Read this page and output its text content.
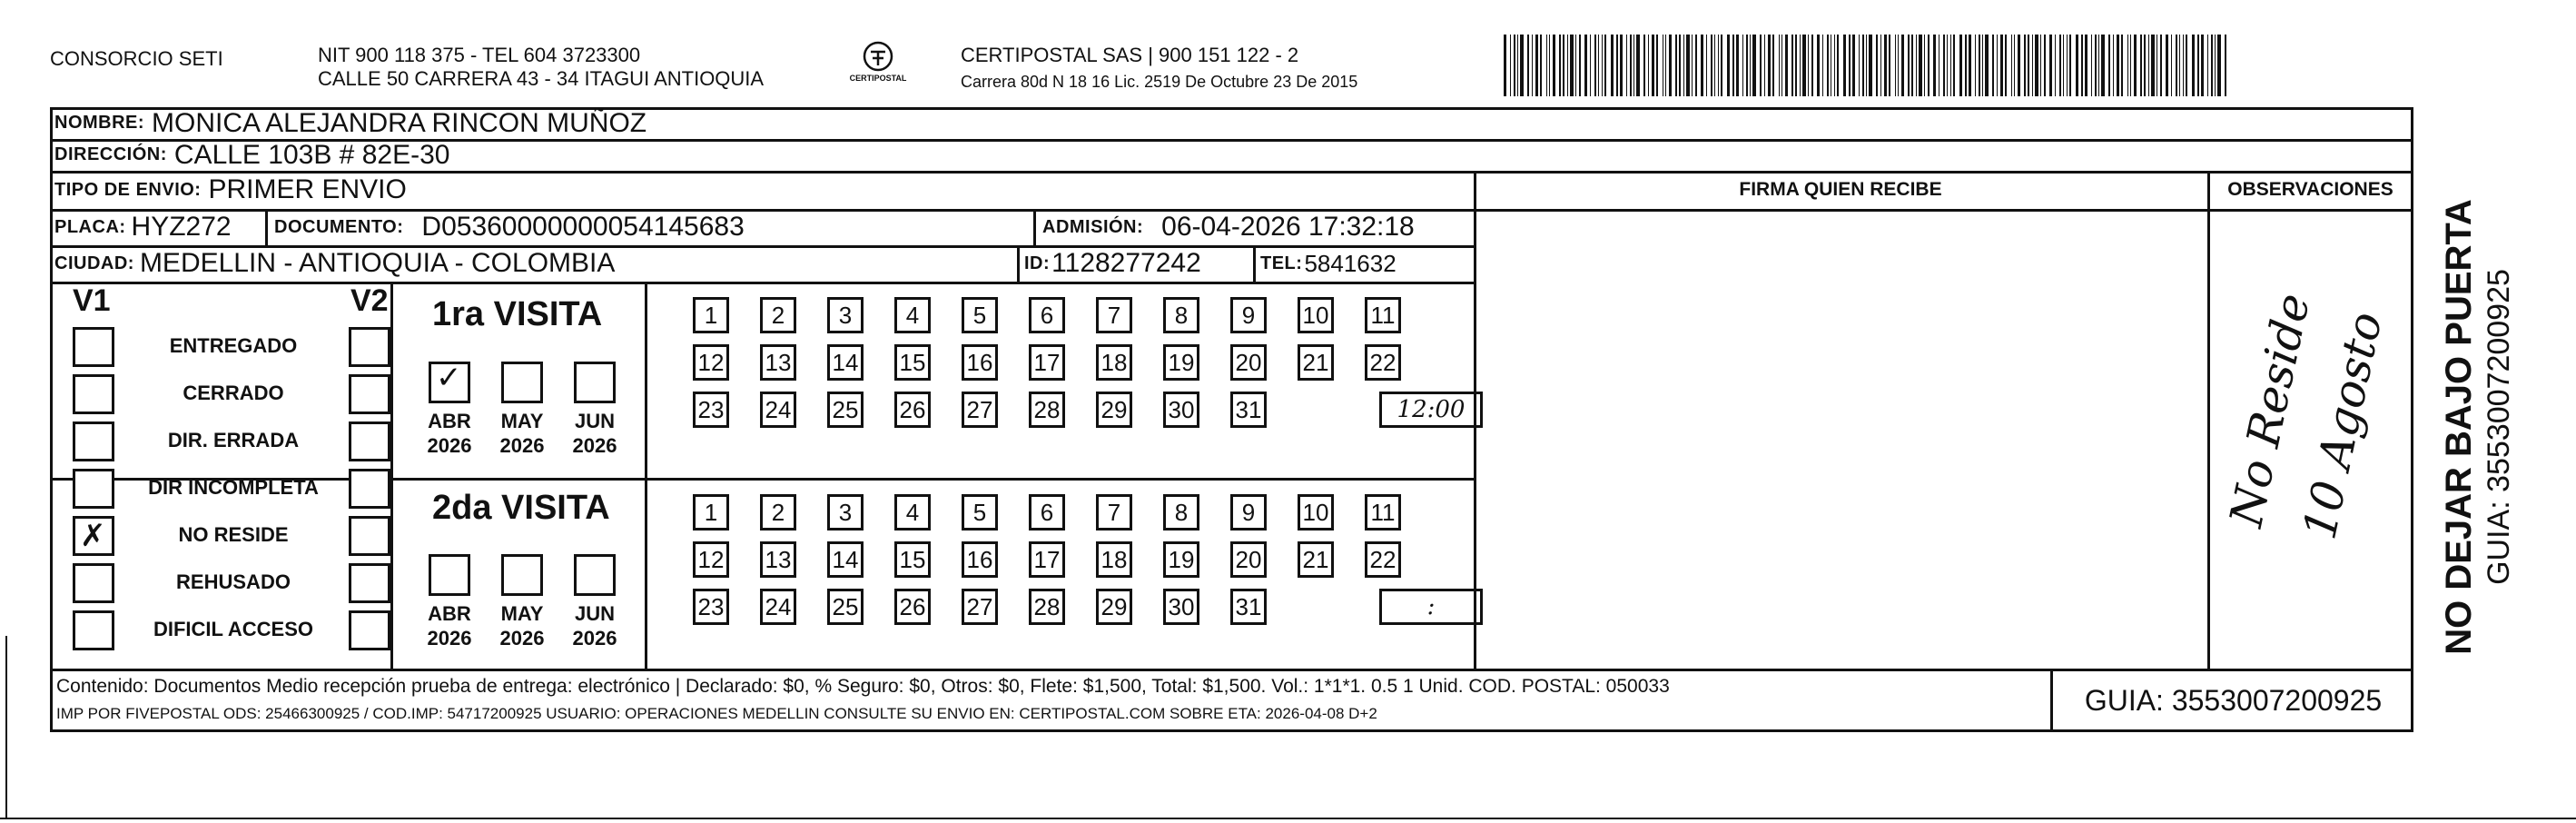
CONSORCIO SETI	NIT 900 118 375 - TEL 604 3723300
CALLE 50 CARRERA 43 - 34 ITAGUI ANTIOQUIA	CERTIPOSTAL
CERTIPOSTAL SAS | 900 151 122 - 2
Carrera 80d N 18 16 Lic. 2519 De Octubre 23 De 2015
NOMBRE: MONICA ALEJANDRA RINCON MUÑOZ
DIRECCIÓN: CALLE 103B # 82E-30
TIPO DE ENVIO: PRIMER ENVIO	FIRMA QUIEN RECIBE	OBSERVACIONES
PLACA: HYZ272 DOCUMENTO: D05360000000054145683	ADMISIÓN: 06-04-2026 17:32:18
CIUDAD: MEDELLIN - ANTIOQUIA - COLOMBIA	ID: 1128277242	TEL: 5841632
V1	V2
ENTREGADO
CERRADO
DIR. ERRADA
DIR INCOMPLETA
NO RESIDE
✗
REHUSADO
DIFICIL ACCESO
1ra VISITA
ABR
2026
✓
MAY
2026
JUN
2026
1	2	3	4	5	6	7	8	9	10 11
12 13 14 15 16 17 18 19 20 21 22
23 24 25 26 27 28 29 30 31	12:00
2da VISITA
ABR
2026
MAY
2026
JUN
2026
1	2	3	4	5	6	7	8	9	10 11
12 13 14 15 16 17 18 19 20 21 22
23 24 25 26 27 28 29 30 31	:
No Reside
10 Agosto
Contenido: Documentos Medio recepción prueba de entrega: electrónico | Declarado: $0, % Seguro: $0, Otros: $0, Flete: $1,500, Total: $1,500. Vol.: 1*1*1. 0.5 1 Unid. COD. POSTAL: 050033
IMP POR FIVEPOSTAL ODS: 25466300925 / COD.IMP: 54717200925 USUARIO: OPERACIONES MEDELLIN CONSULTE SU ENVIO EN: CERTIPOSTAL.COM SOBRE ETA: 2026-04-08 D+2	GUIA: 3553007200925
NO DEJAR BAJO PUERTA GUIA: 3553007200925
